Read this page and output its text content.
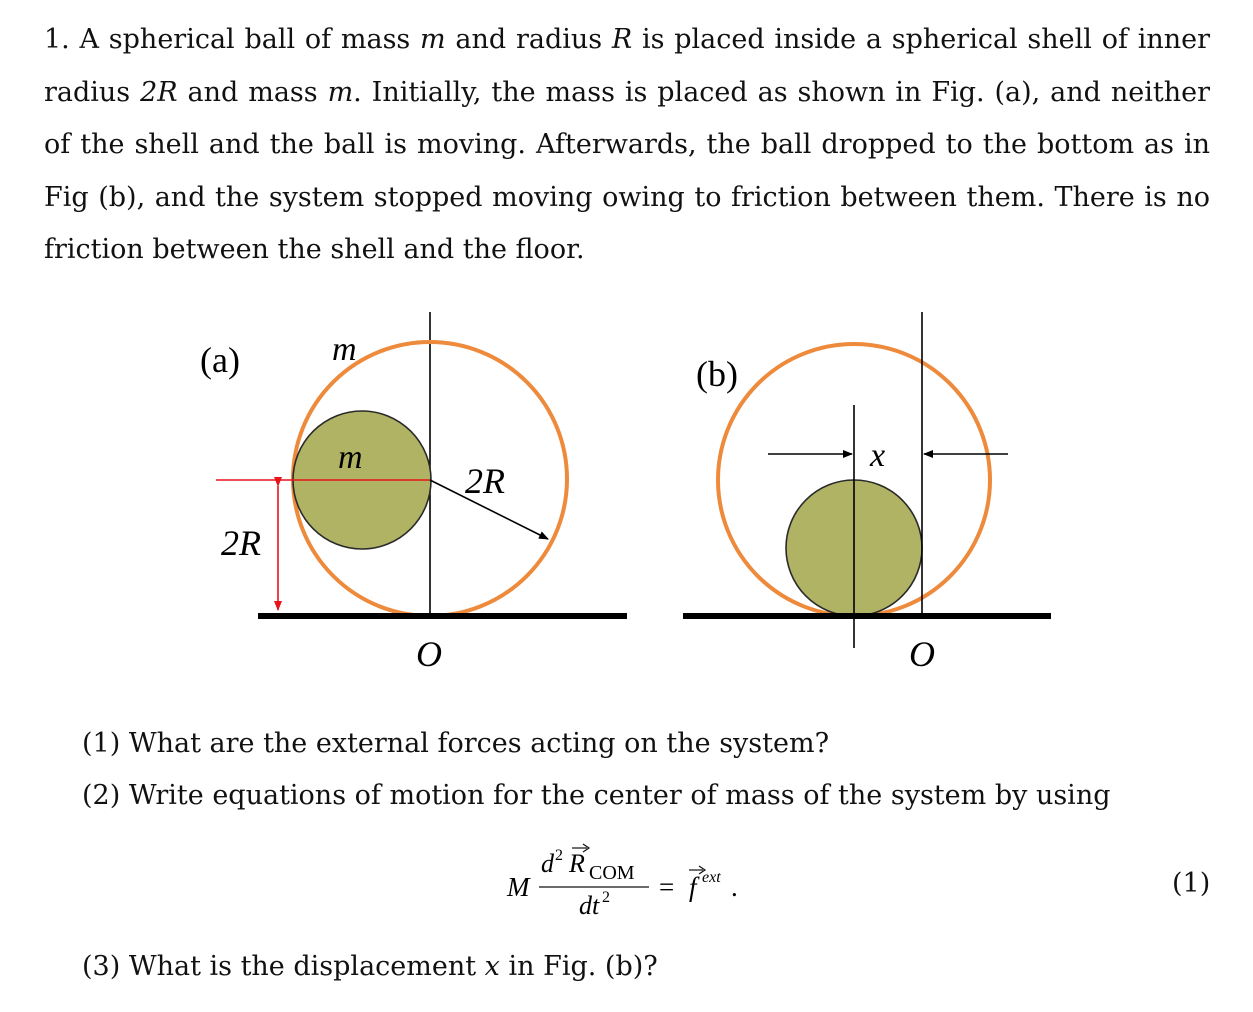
1. A spherical ball of mass m and radius R is placed inside a spherical shell of inner radius 2R and mass m. Initially, the mass is placed as shown in Fig. (a), and neither of the shell and the ball is moving. Afterwards, the ball dropped to the bottom as in Fig (b), and the system stopped moving owing to friction between them. There is no friction between the shell and the floor.

(a)	m
m
2R
2R
O
(b)
x
O
(1) What are the external forces acting on the system?
(2) Write equations of motion for the center of mass of the system by using
M
d 2 R COM
dt 2 = f ext .	(1)
(3) What is the displacement x in Fig. (b)?
